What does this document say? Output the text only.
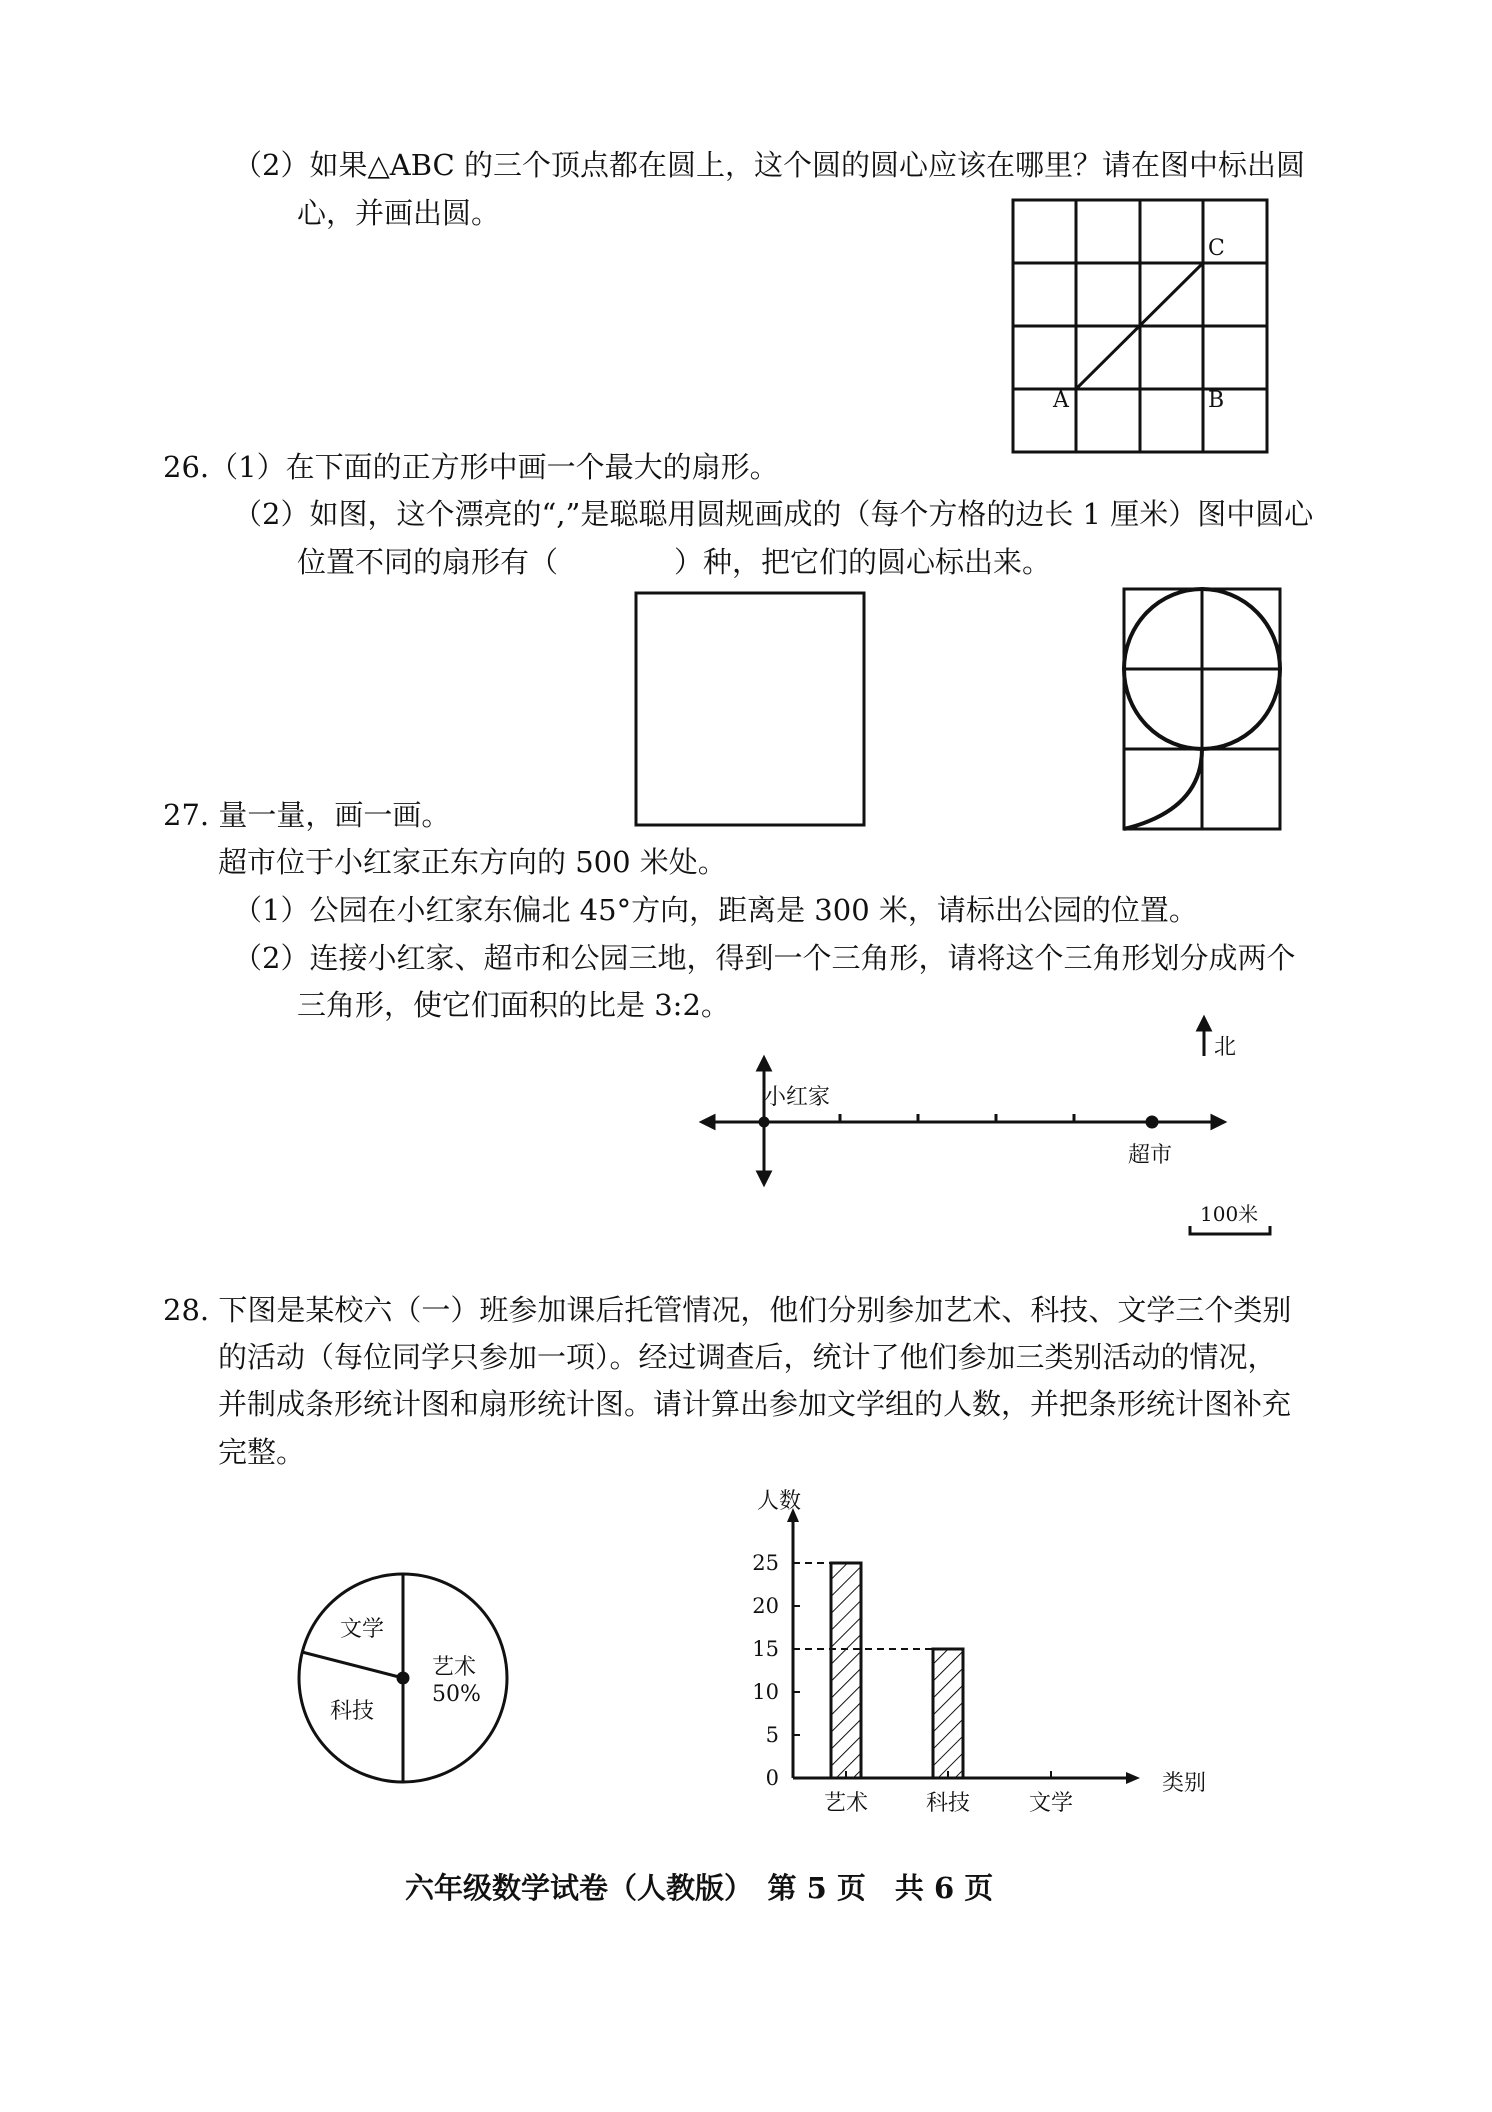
（2）如果△ABC 的三个顶点都在圆上，这个圆的圆心应该在哪里？请在图中标出圆
心，并画出圆。
人数
类别
0
5
10
15
20
25
艺术	科技	文学
A	B
C
26.（1）在下面的正方形中画一个最大的扇形。
（2）如图，这个漂亮的“,”是聪聪用圆规画成的（每个方格的边长 1 厘米）图中圆心
位置不同的扇形有（　　　　）种，把它们的圆心标出来。
27. 量一量，画一画。
超市位于小红家正东方向的 500 米处。
（1）公园在小红家东偏北 45°方向，距离是 300 米，请标出公园的位置。
（2）连接小红家、超市和公园三地，得到一个三角形，请将这个三角形划分成两个
三角形，使它们面积的比是 3:2。
北
小红家
超市
100米
28. 下图是某校六（一）班参加课后托管情况，他们分别参加艺术、科技、文学三个类别
的活动（每位同学只参加一项）。经过调查后，统计了他们参加三类别活动的情况，
并制成条形统计图和扇形统计图。请计算出参加文学组的人数，并把条形统计图补充
完整。
文学
艺术
50%
科技
六年级数学试卷（人教版）　第 5 页　共 6 页
